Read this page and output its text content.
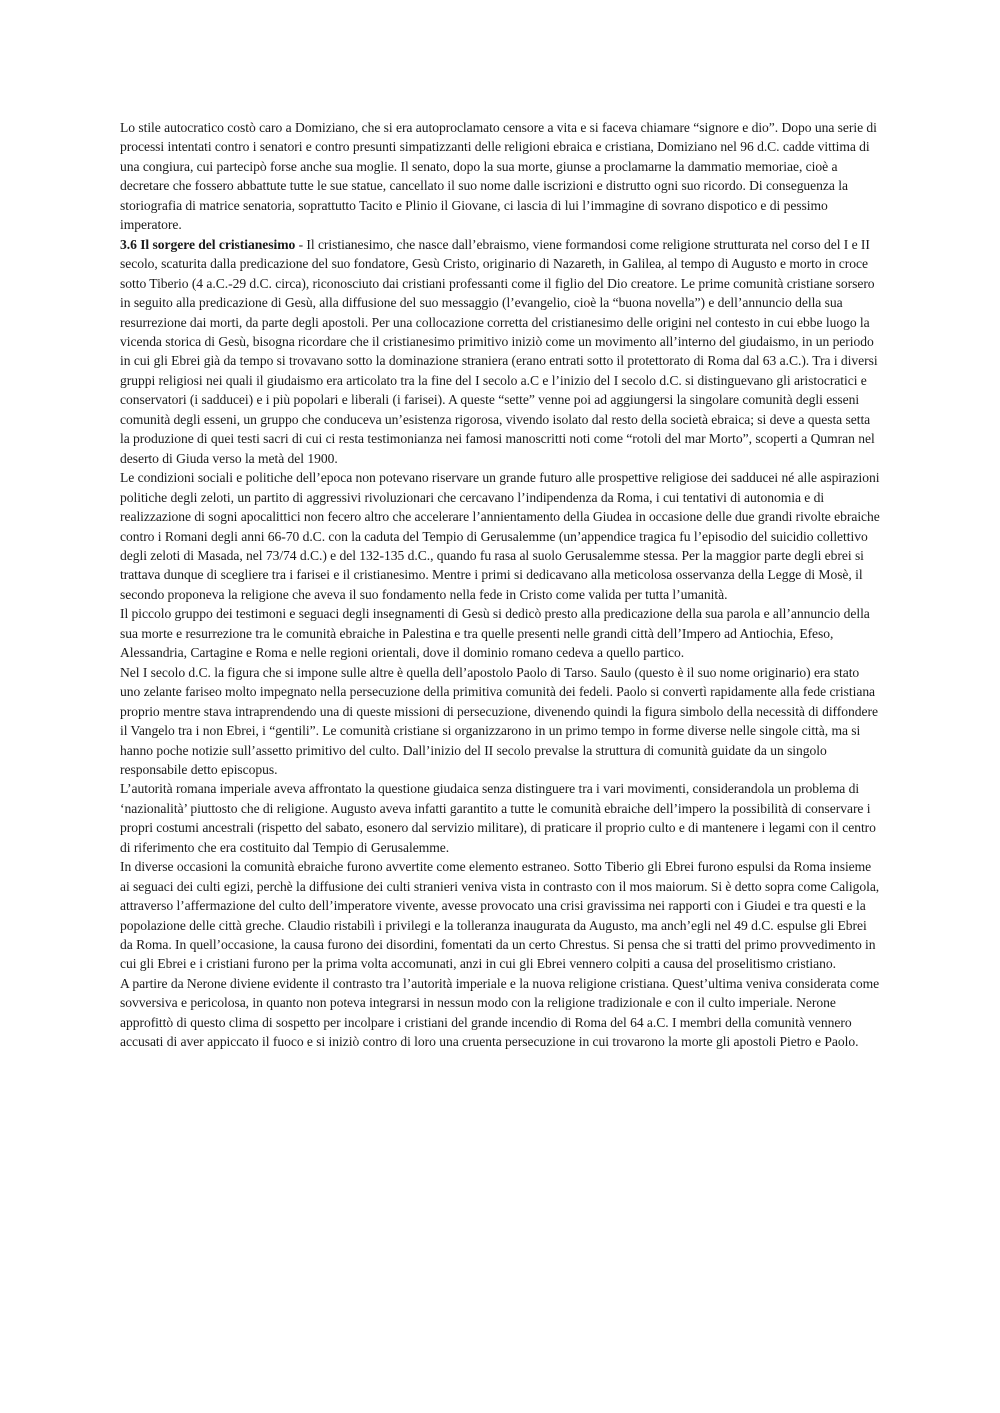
Lo stile autocratico costò caro a Domiziano, che si era autoproclamato censore a vita e si faceva chiamare “signore e dio”. Dopo una serie di processi intentati contro i senatori e contro presunti simpatizzanti delle religioni ebraica e cristiana, Domiziano nel 96 d.C. cadde vittima di una congiura, cui partecipò forse anche sua moglie. Il senato, dopo la sua morte, giunse a proclamarne la dammatio memoriae, cioè a decretare che fossero abbattute tutte le sue statue, cancellato il suo nome dalle iscrizioni e distrutto ogni suo ricordo. Di conseguenza la storiografia di matrice senatoria, soprattutto Tacito e Plinio il Giovane, ci lascia di lui l’immagine di sovrano dispotico e di pessimo imperatore.

3.6 Il sorgere del cristianesimo - Il cristianesimo, che nasce dall’ebraismo, viene formandosi come religione strutturata nel corso del I e II secolo, scaturita dalla predicazione del suo fondatore, Gesù Cristo, originario di Nazareth, in Galilea, al tempo di Augusto e morto in croce sotto Tiberio (4 a.C.-29 d.C. circa), riconosciuto dai cristiani professanti come il figlio del Dio creatore. Le prime comunità cristiane sorsero in seguito alla predicazione di Gesù, alla diffusione del suo messaggio (l’evangelio, cioè la “buona novella”) e dell’annuncio della sua resurrezione dai morti, da parte degli apostoli. Per una collocazione corretta del cristianesimo delle origini nel contesto in cui ebbe luogo la vicenda storica di Gesù, bisogna ricordare che il cristianesimo primitivo iniziò come un movimento all’interno del giudaismo, in un periodo in cui gli Ebrei già da tempo si trovavano sotto la dominazione straniera (erano entrati sotto il protettorato di Roma dal 63 a.C.). Tra i diversi gruppi religiosi nei quali il giudaismo era articolato tra la fine del I secolo a.C e l’inizio del I secolo d.C. si distinguevano gli aristocratici e conservatori (i sadducei) e i più popolari e liberali (i farisei). A queste “sette” venne poi ad aggiungersi la singolare comunità degli esseni comunità degli esseni, un gruppo che conduceva un’esistenza rigorosa, vivendo isolato dal resto della società ebraica; si deve a questa setta la produzione di quei testi sacri di cui ci resta testimonianza nei famosi manoscritti noti come “rotoli del mar Morto”, scoperti a Qumran nel deserto di Giuda verso la metà del 1900.

Le condizioni sociali e politiche dell’epoca non potevano riservare un grande futuro alle prospettive religiose dei sadducei né alle aspirazioni politiche degli zeloti, un partito di aggressivi rivoluzionari che cercavano l’indipendenza da Roma, i cui tentativi di autonomia e di realizzazione di sogni apocalittici non fecero altro che accelerare l’annientamento della Giudea in occasione delle due grandi rivolte ebraiche contro i Romani degli anni 66-70 d.C. con la caduta del Tempio di Gerusalemme (un’appendice tragica fu l’episodio del suicidio collettivo degli zeloti di Masada, nel 73/74 d.C.) e del 132-135 d.C., quando fu rasa al suolo Gerusalemme stessa. Per la maggior parte degli ebrei si trattava dunque di scegliere tra i farisei e il cristianesimo. Mentre i primi si dedicavano alla meticolosa osservanza della Legge di Mosè, il secondo proponeva la religione che aveva il suo fondamento nella fede in Cristo come valida per tutta l’umanità.

Il piccolo gruppo dei testimoni e seguaci degli insegnamenti di Gesù si dedicò presto alla predicazione della sua parola e all’annuncio della sua morte e resurrezione tra le comunità ebraiche in Palestina e tra quelle presenti nelle grandi città dell’Impero ad Antiochia, Efeso, Alessandria, Cartagine e Roma e nelle regioni orientali, dove il dominio romano cedeva a quello partico.

Nel I secolo d.C. la figura che si impone sulle altre è quella dell’apostolo Paolo di Tarso. Saulo (questo è il suo nome originario) era stato uno zelante fariseo molto impegnato nella persecuzione della primitiva comunità dei fedeli. Paolo si convertì rapidamente alla fede cristiana proprio mentre stava intraprendendo una di queste missioni di persecuzione, divenendo quindi la figura simbolo della necessità di diffondere il Vangelo tra i non Ebrei, i “gentili”. Le comunità cristiane si organizzarono in un primo tempo in forme diverse nelle singole città, ma si hanno poche notizie sull’assetto primitivo del culto. Dall’inizio del II secolo prevalse la struttura di comunità guidate da un singolo responsabile detto episcopus.

L’autorità romana imperiale aveva affrontato la questione giudaica senza distinguere tra i vari movimenti, considerandola un problema di ‘nazionalità’ piuttosto che di religione. Augusto aveva infatti garantito a tutte le comunità ebraiche dell’impero la possibilità di conservare i propri costumi ancestrali (rispetto del sabato, esonero dal servizio militare), di praticare il proprio culto e di mantenere i legami con il centro di riferimento che era costituito dal Tempio di Gerusalemme.

In diverse occasioni la comunità ebraiche furono avvertite come elemento estraneo. Sotto Tiberio gli Ebrei furono espulsi da Roma insieme ai seguaci dei culti egizi, perchè la diffusione dei culti stranieri veniva vista in contrasto con il mos maiorum. Si è detto sopra come Caligola, attraverso l’affermazione del culto dell’imperatore vivente, avesse provocato una crisi gravissima nei rapporti con i Giudei e tra questi e la popolazione delle città greche. Claudio ristabilì i privilegi e la tolleranza inaugurata da Augusto, ma anch’egli nel 49 d.C. espulse gli Ebrei da Roma. In quell’occasione, la causa furono dei disordini, fomentati da un certo Chrestus. Si pensa che si tratti del primo provvedimento in cui gli Ebrei e i cristiani furono per la prima volta accomunati, anzi in cui gli Ebrei vennero colpiti a causa del proselitismo cristiano.

A partire da Nerone diviene evidente il contrasto tra l’autorità imperiale e la nuova religione cristiana. Quest’ultima veniva considerata come sovversiva e pericolosa, in quanto non poteva integrarsi in nessun modo con la religione tradizionale e con il culto imperiale. Nerone approfittò di questo clima di sospetto per incolpare i cristiani del grande incendio di Roma del 64 a.C. I membri della comunità vennero accusati di aver appiccato il fuoco e si iniziò contro di loro una cruenta persecuzione in cui trovarono la morte gli apostoli Pietro e Paolo.
